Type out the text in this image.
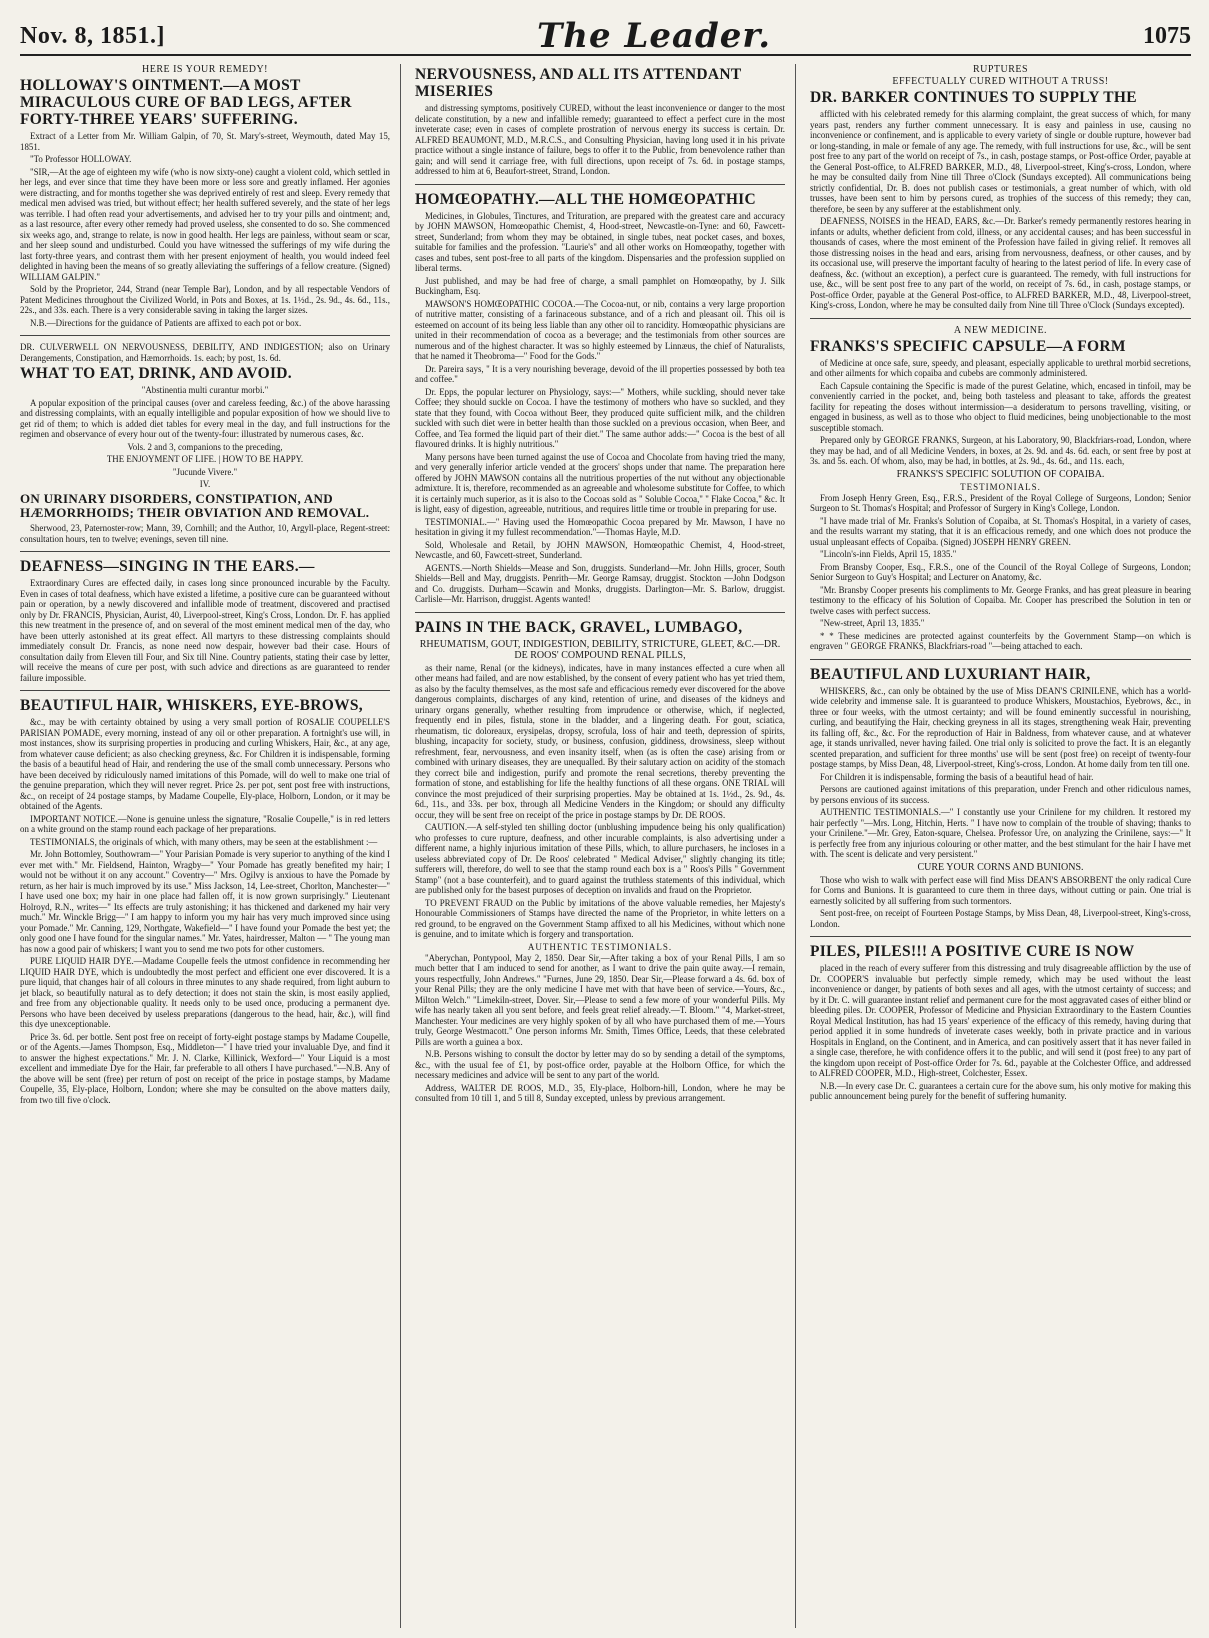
Nov. 8, 1851.]	The Leader.	1075
HERE IS YOUR REMEDY!
HOLLOWAY'S OINTMENT.—A MOST MIRACULOUS CURE OF BAD LEGS, AFTER FORTY-THREE YEARS' SUFFERING.

Extract of a Letter from Mr. William Galpin, of 70, St. Mary's-street, Weymouth, dated May 15, 1851.

"To Professor HOLLOWAY.

"SIR,—At the age of eighteen my wife (who is now sixty-one) caught a violent cold, which settled in her legs, and ever since that time they have been more or less sore and greatly inflamed. Her agonies were distracting, and for months together she was deprived entirely of rest and sleep. Every remedy that medical men advised was tried, but without effect; her health suffered severely, and the state of her legs was terrible. I had often read your advertisements, and advised her to try your pills and ointment; and, as a last resource, after every other remedy had proved useless, she consented to do so. She commenced six weeks ago, and, strange to relate, is now in good health. Her legs are painless, without seam or scar, and her sleep sound and undisturbed. Could you have witnessed the sufferings of my wife during the last forty-three years, and contrast them with her present enjoyment of health, you would indeed feel delighted in having been the means of so greatly alleviating the sufferings of a fellow creature. (Signed) WILLIAM GALPIN."

Sold by the Proprietor, 244, Strand (near Temple Bar), London, and by all respectable Vendors of Patent Medicines throughout the Civilized World, in Pots and Boxes, at 1s. 1½d., 2s. 9d., 4s. 6d., 11s., 22s., and 33s. each. There is a very considerable saving in taking the larger sizes.

N.B.—Directions for the guidance of Patients are affixed to each pot or box.

DR. CULVERWELL ON NERVOUSNESS, DEBILITY, AND INDIGESTION; also on Urinary Derangements, Constipation, and Hæmorrhoids. 1s. each; by post, 1s. 6d.

WHAT TO EAT, DRINK, AND AVOID.

"Abstinentia multi curantur morbi."

A popular exposition of the principal causes (over and careless feeding, &c.) of the above harassing and distressing complaints, with an equally intelligible and popular exposition of how we should live to get rid of them; to which is added diet tables for every meal in the day, and full instructions for the regimen and observance of every hour out of the twenty-four: illustrated by numerous cases, &c.

Vols. 2 and 3, companions to the preceding,

THE ENJOYMENT OF LIFE. | HOW TO BE HAPPY.

"Jucunde Vivere."

IV.

ON URINARY DISORDERS, CONSTIPATION, AND HÆMORRHOIDS; THEIR OBVIATION AND REMOVAL.

Sherwood, 23, Paternoster-row; Mann, 39, Cornhill; and the Author, 10, Argyll-place, Regent-street: consultation hours, ten to twelve; evenings, seven till nine.

DEAFNESS—SINGING IN THE EARS.—

Extraordinary Cures are effected daily, in cases long since pronounced incurable by the Faculty. Even in cases of total deafness, which have existed a lifetime, a positive cure can be guaranteed without pain or operation, by a newly discovered and infallible mode of treatment, discovered and practised only by Dr. FRANCIS, Physician, Aurist, 40, Liverpool-street, King's Cross, London. Dr. F. has applied this new treatment in the presence of, and on several of the most eminent medical men of the day, who have been utterly astonished at its great effect. All martyrs to these distressing complaints should immediately consult Dr. Francis, as none need now despair, however bad their case. Hours of consultation daily from Eleven till Four, and Six till Nine. Country patients, stating their case by letter, will receive the means of cure per post, with such advice and directions as are guaranteed to render failure impossible.

BEAUTIFUL HAIR, WHISKERS, EYE-BROWS,

&c., may be with certainty obtained by using a very small portion of ROSALIE COUPELLE'S PARISIAN POMADE, every morning, instead of any oil or other preparation. A fortnight's use will, in most instances, show its surprising properties in producing and curling Whiskers, Hair, &c., at any age, from whatever cause deficient; as also checking greyness, &c. For Children it is indispensable, forming the basis of a beautiful head of Hair, and rendering the use of the small comb unnecessary. Persons who have been deceived by ridiculously named imitations of this Pomade, will do well to make one trial of the genuine preparation, which they will never regret. Price 2s. per pot, sent post free with instructions, &c., on receipt of 24 postage stamps, by Madame Coupelle, Ely-place, Holborn, London, or it may be obtained of the Agents.

IMPORTANT NOTICE.—None is genuine unless the signature, "Rosalie Coupelle," is in red letters on a white ground on the stamp round each package of her preparations.

TESTIMONIALS, the originals of which, with many others, may be seen at the establishment :—

Mr. John Bottomley, Southowram—" Your Parisian Pomade is very superior to anything of the kind I ever met with." Mr. Fieldsend, Hainton, Wragby—" Your Pomade has greatly benefited my hair; I would not be without it on any account." Coventry—" Mrs. Ogilvy is anxious to have the Pomade by return, as her hair is much improved by its use." Miss Jackson, 14, Lee-street, Chorlton, Manchester—" I have used one box; my hair in one place had fallen off, it is now grown surprisingly." Lieutenant Holroyd, R.N., writes—" Its effects are truly astonishing; it has thickened and darkened my hair very much." Mr. Winckle Brigg—" I am happy to inform you my hair has very much improved since using your Pomade." Mr. Canning, 129, Northgate, Wakefield—" I have found your Pomade the best yet; the only good one I have found for the singular names." Mr. Yates, hairdresser, Malton — " The young man has now a good pair of whiskers; I want you to send me two pots for other customers.

PURE LIQUID HAIR DYE.—Madame Coupelle feels the utmost confidence in recommending her LIQUID HAIR DYE, which is undoubtedly the most perfect and efficient one ever discovered. It is a pure liquid, that changes hair of all colours in three minutes to any shade required, from light auburn to jet black, so beautifully natural as to defy detection; it does not stain the skin, is most easily applied, and free from any objectionable quality. It needs only to be used once, producing a permanent dye. Persons who have been deceived by useless preparations (dangerous to the head, hair, &c.), will find this dye unexceptionable.

Price 3s. 6d. per bottle. Sent post free on receipt of forty-eight postage stamps by Madame Coupelle, or of the Agents.—James Thompson, Esq., Middleton—" I have tried your invaluable Dye, and find it to answer the highest expectations." Mr. J. N. Clarke, Killinick, Wexford—" Your Liquid is a most excellent and immediate Dye for the Hair, far preferable to all others I have purchased."—N.B. Any of the above will be sent (free) per return of post on receipt of the price in postage stamps, by Madame Coupelle, 35, Ely-place, Holborn, London; where she may be consulted on the above matters daily, from two till five o'clock.

NERVOUSNESS, AND ALL ITS ATTENDANT MISERIES

and distressing symptoms, positively CURED, without the least inconvenience or danger to the most delicate constitution, by a new and infallible remedy; guaranteed to effect a perfect cure in the most inveterate case; even in cases of complete prostration of nervous energy its success is certain. Dr. ALFRED BEAUMONT, M.D., M.R.C.S., and Consulting Physician, having long used it in his private practice without a single instance of failure, begs to offer it to the Public, from benevolence rather than gain; and will send it carriage free, with full directions, upon receipt of 7s. 6d. in postage stamps, addressed to him at 6, Beaufort-street, Strand, London.

HOMŒOPATHY.—ALL THE HOMŒOPATHIC

Medicines, in Globules, Tinctures, and Trituration, are prepared with the greatest care and accuracy by JOHN MAWSON, Homœopathic Chemist, 4, Hood-street, Newcastle-on-Tyne: and 60, Fawcett-street, Sunderland; from whom they may be obtained, in single tubes, neat pocket cases, and boxes, suitable for families and the profession. "Laurie's" and all other works on Homœopathy, together with cases and tubes, sent post-free to all parts of the kingdom. Dispensaries and the profession supplied on liberal terms.

Just published, and may be had free of charge, a small pamphlet on Homœopathy, by J. Silk Buckingham, Esq.

MAWSON'S HOMŒOPATHIC COCOA.—The Cocoa-nut, or nib, contains a very large proportion of nutritive matter, consisting of a farinaceous substance, and of a rich and pleasant oil. This oil is esteemed on account of its being less liable than any other oil to rancidity. Homœopathic physicians are united in their recommendation of cocoa as a beverage; and the testimonials from other sources are numerous and of the highest character. It was so highly esteemed by Linnæus, the chief of Naturalists, that he named it Theobroma—" Food for the Gods."

Dr. Pareira says, " It is a very nourishing beverage, devoid of the ill properties possessed by both tea and coffee."

Dr. Epps, the popular lecturer on Physiology, says:—" Mothers, while suckling, should never take Coffee; they should suckle on Cocoa. I have the testimony of mothers who have so suckled, and they state that they found, with Cocoa without Beer, they produced quite sufficient milk, and the children suckled with such diet were in better health than those suckled on a previous occasion, when Beer, and Coffee, and Tea formed the liquid part of their diet." The same author adds:—" Cocoa is the best of all flavoured drinks. It is highly nutritious."

Many persons have been turned against the use of Cocoa and Chocolate from having tried the many, and very generally inferior article vended at the grocers' shops under that name. The preparation here offered by JOHN MAWSON contains all the nutritious properties of the nut without any objectionable admixture. It is, therefore, recommended as an agreeable and wholesome substitute for Coffee, to which it is certainly much superior, as it is also to the Cocoas sold as " Soluble Cocoa," " Flake Cocoa," &c. It is light, easy of digestion, agreeable, nutritious, and requires little time or trouble in preparing for use.

TESTIMONIAL.—" Having used the Homœopathic Cocoa prepared by Mr. Mawson, I have no hesitation in giving it my fullest recommendation."—Thomas Hayle, M.D.

Sold, Wholesale and Retail, by JOHN MAWSON, Homœopathic Chemist, 4, Hood-street, Newcastle, and 60, Fawcett-street, Sunderland.

AGENTS.—North Shields—Mease and Son, druggists. Sunderland—Mr. John Hills, grocer, South Shields—Bell and May, druggists. Penrith—Mr. George Ramsay, druggist. Stockton —John Dodgson and Co. druggists. Durham—Scawin and Monks, druggists. Darlington—Mr. S. Barlow, druggist. Carlisle—Mr. Harrison, druggist. Agents wanted!

PAINS IN THE BACK, GRAVEL, LUMBAGO,
RHEUMATISM, GOUT, INDIGESTION, DEBILITY, STRICTURE, GLEET, &C.—DR. DE ROOS' COMPOUND RENAL PILLS,

as their name, Renal (or the kidneys), indicates, have in many instances effected a cure when all other means had failed, and are now established, by the consent of every patient who has yet tried them, as also by the faculty themselves, as the most safe and efficacious remedy ever discovered for the above dangerous complaints, discharges of any kind, retention of urine, and diseases of the kidneys and urinary organs generally, whether resulting from imprudence or otherwise, which, if neglected, frequently end in piles, fistula, stone in the bladder, and a lingering death. For gout, sciatica, rheumatism, tic doloreaux, erysipelas, dropsy, scrofula, loss of hair and teeth, depression of spirits, blushing, incapacity for society, study, or business, confusion, giddiness, drowsiness, sleep without refreshment, fear, nervousness, and even insanity itself, when (as is often the case) arising from or combined with urinary diseases, they are unequalled. By their salutary action on acidity of the stomach they correct bile and indigestion, purify and promote the renal secretions, thereby preventing the formation of stone, and establishing for life the healthy functions of all these organs. ONE TRIAL will convince the most prejudiced of their surprising properties. May be obtained at 1s. 1½d., 2s. 9d., 4s. 6d., 11s., and 33s. per box, through all Medicine Venders in the Kingdom; or should any difficulty occur, they will be sent free on receipt of the price in postage stamps by Dr. DE ROOS.

CAUTION.—A self-styled ten shilling doctor (unblushing impudence being his only qualification) who professes to cure rupture, deafness, and other incurable complaints, is also advertising under a different name, a highly injurious imitation of these Pills, which, to allure purchasers, he incloses in a useless abbreviated copy of Dr. De Roos' celebrated " Medical Adviser," slightly changing its title; sufferers will, therefore, do well to see that the stamp round each box is a " Roos's Pills " Government Stamp" (not a base counterfeit), and to guard against the truthless statements of this individual, which are published only for the basest purposes of deception on invalids and fraud on the Proprietor.

TO PREVENT FRAUD on the Public by imitations of the above valuable remedies, her Majesty's Honourable Commissioners of Stamps have directed the name of the Proprietor, in white letters on a red ground, to be engraved on the Government Stamp affixed to all his Medicines, without which none is genuine, and to imitate which is forgery and transportation.

AUTHENTIC TESTIMONIALS.

"Aberychan, Pontypool, May 2, 1850. Dear Sir,—After taking a box of your Renal Pills, I am so much better that I am induced to send for another, as I want to drive the pain quite away.—I remain, yours respectfully, John Andrews." "Furnes, June 29, 1850. Dear Sir,—Please forward a 4s. 6d. box of your Renal Pills; they are the only medicine I have met with that have been of service.—Yours, &c., Milton Welch." "Limekiln-street, Dover. Sir,—Please to send a few more of your wonderful Pills. My wife has nearly taken all you sent before, and feels great relief already.—T. Bloom." "4, Market-street, Manchester. Your medicines are very highly spoken of by all who have purchased them of me.—Yours truly, George Westmacott." One person informs Mr. Smith, Times Office, Leeds, that these celebrated Pills are worth a guinea a box.

N.B. Persons wishing to consult the doctor by letter may do so by sending a detail of the symptoms, &c., with the usual fee of £1, by post-office order, payable at the Holborn Office, for which the necessary medicines and advice will be sent to any part of the world.

Address, WALTER DE ROOS, M.D., 35, Ely-place, Holborn-hill, London, where he may be consulted from 10 till 1, and 5 till 8, Sunday excepted, unless by previous arrangement.

RUPTURES
EFFECTUALLY CURED WITHOUT A TRUSS!
DR. BARKER CONTINUES TO SUPPLY THE

afflicted with his celebrated remedy for this alarming complaint, the great success of which, for many years past, renders any further comment unnecessary. It is easy and painless in use, causing no inconvenience or confinement, and is applicable to every variety of single or double rupture, however bad or long-standing, in male or female of any age. The remedy, with full instructions for use, &c., will be sent post free to any part of the world on receipt of 7s., in cash, postage stamps, or Post-office Order, payable at the General Post-office, to ALFRED BARKER, M.D., 48, Liverpool-street, King's-cross, London, where he may be consulted daily from Nine till Three o'Clock (Sundays excepted). All communications being strictly confidential, Dr. B. does not publish cases or testimonials, a great number of which, with old trusses, have been sent to him by persons cured, as trophies of the success of this remedy; they can, therefore, be seen by any sufferer at the establishment only.

DEAFNESS, NOISES in the HEAD, EARS, &c.—Dr. Barker's remedy permanently restores hearing in infants or adults, whether deficient from cold, illness, or any accidental causes; and has been successful in thousands of cases, where the most eminent of the Profession have failed in giving relief. It removes all those distressing noises in the head and ears, arising from nervousness, deafness, or other causes, and by its occasional use, will preserve the important faculty of hearing to the latest period of life. In every case of deafness, &c. (without an exception), a perfect cure is guaranteed. The remedy, with full instructions for use, &c., will be sent post free to any part of the world, on receipt of 7s. 6d., in cash, postage stamps, or Post-office Order, payable at the General Post-office, to ALFRED BARKER, M.D., 48, Liverpool-street, King's-cross, London, where he may be consulted daily from Nine till Three o'Clock (Sundays excepted).

A NEW MEDICINE.
FRANKS'S SPECIFIC CAPSULE—A FORM

of Medicine at once safe, sure, speedy, and pleasant, especially applicable to urethral morbid secretions, and other ailments for which copaiba and cubebs are commonly administered.

Each Capsule containing the Specific is made of the purest Gelatine, which, encased in tinfoil, may be conveniently carried in the pocket, and, being both tasteless and pleasant to take, affords the greatest facility for repeating the doses without intermission—a desideratum to persons travelling, visiting, or engaged in business, as well as to those who object to fluid medicines, being unobjectionable to the most susceptible stomach.

Prepared only by GEORGE FRANKS, Surgeon, at his Laboratory, 90, Blackfriars-road, London, where they may be had, and of all Medicine Venders, in boxes, at 2s. 9d. and 4s. 6d. each, or sent free by post at 3s. and 5s. each. Of whom, also, may be had, in bottles, at 2s. 9d., 4s. 6d., and 11s. each,

FRANKS'S SPECIFIC SOLUTION OF COPAIBA.
TESTIMONIALS.

From Joseph Henry Green, Esq., F.R.S., President of the Royal College of Surgeons, London; Senior Surgeon to St. Thomas's Hospital; and Professor of Surgery in King's College, London.

"I have made trial of Mr. Franks's Solution of Copaiba, at St. Thomas's Hospital, in a variety of cases, and the results warrant my stating, that it is an efficacious remedy, and one which does not produce the usual unpleasant effects of Copaiba. (Signed) JOSEPH HENRY GREEN.

"Lincoln's-inn Fields, April 15, 1835."

From Bransby Cooper, Esq., F.R.S., one of the Council of the Royal College of Surgeons, London; Senior Surgeon to Guy's Hospital; and Lecturer on Anatomy, &c.

"Mr. Bransby Cooper presents his compliments to Mr. George Franks, and has great pleasure in bearing testimony to the efficacy of his Solution of Copaiba. Mr. Cooper has prescribed the Solution in ten or twelve cases with perfect success.

"New-street, April 13, 1835."

* * These medicines are protected against counterfeits by the Government Stamp—on which is engraven " GEORGE FRANKS, Blackfriars-road "—being attached to each.

BEAUTIFUL AND LUXURIANT HAIR,

WHISKERS, &c., can only be obtained by the use of Miss DEAN'S CRINILENE, which has a world-wide celebrity and immense sale. It is guaranteed to produce Whiskers, Moustachios, Eyebrows, &c., in three or four weeks, with the utmost certainty; and will be found eminently successful in nourishing, curling, and beautifying the Hair, checking greyness in all its stages, strengthening weak Hair, preventing its falling off, &c., &c. For the reproduction of Hair in Baldness, from whatever cause, and at whatever age, it stands unrivalled, never having failed. One trial only is solicited to prove the fact. It is an elegantly scented preparation, and sufficient for three months' use will be sent (post free) on receipt of twenty-four postage stamps, by Miss Dean, 48, Liverpool-street, King's-cross, London. At home daily from ten till one.

For Children it is indispensable, forming the basis of a beautiful head of hair.

Persons are cautioned against imitations of this preparation, under French and other ridiculous names, by persons envious of its success.

AUTHENTIC TESTIMONIALS.—" I constantly use your Crinilene for my children. It restored my hair perfectly "—Mrs. Long, Hitchin, Herts. " I have now to complain of the trouble of shaving; thanks to your Crinilene."—Mr. Grey, Eaton-square, Chelsea. Professor Ure, on analyzing the Crinilene, says:—" It is perfectly free from any injurious colouring or other matter, and the best stimulant for the hair I have met with. The scent is delicate and very persistent."

CURE YOUR CORNS AND BUNIONS.

Those who wish to walk with perfect ease will find Miss DEAN'S ABSORBENT the only radical Cure for Corns and Bunions. It is guaranteed to cure them in three days, without cutting or pain. One trial is earnestly solicited by all suffering from such tormentors.

Sent post-free, on receipt of Fourteen Postage Stamps, by Miss Dean, 48, Liverpool-street, King's-cross, London.

PILES, PILES!!! A POSITIVE CURE IS NOW

placed in the reach of every sufferer from this distressing and truly disagreeable affliction by the use of Dr. COOPER'S invaluable but perfectly simple remedy, which may be used without the least inconvenience or danger, by patients of both sexes and all ages, with the utmost certainty of success; and by it Dr. C. will guarantee instant relief and permanent cure for the most aggravated cases of either blind or bleeding piles. Dr. COOPER, Professor of Medicine and Physician Extraordinary to the Eastern Counties Royal Medical Institution, has had 15 years' experience of the efficacy of this remedy, having during that period applied it in some hundreds of inveterate cases weekly, both in private practice and in various Hospitals in England, on the Continent, and in America, and can positively assert that it has never failed in a single case, therefore, he with confidence offers it to the public, and will send it (post free) to any part of the kingdom upon receipt of Post-office Order for 7s. 6d., payable at the Colchester Office, and addressed to ALFRED COOPER, M.D., High-street, Colchester, Essex.

N.B.—In every case Dr. C. guarantees a certain cure for the above sum, his only motive for making this public announcement being purely for the benefit of suffering humanity.
